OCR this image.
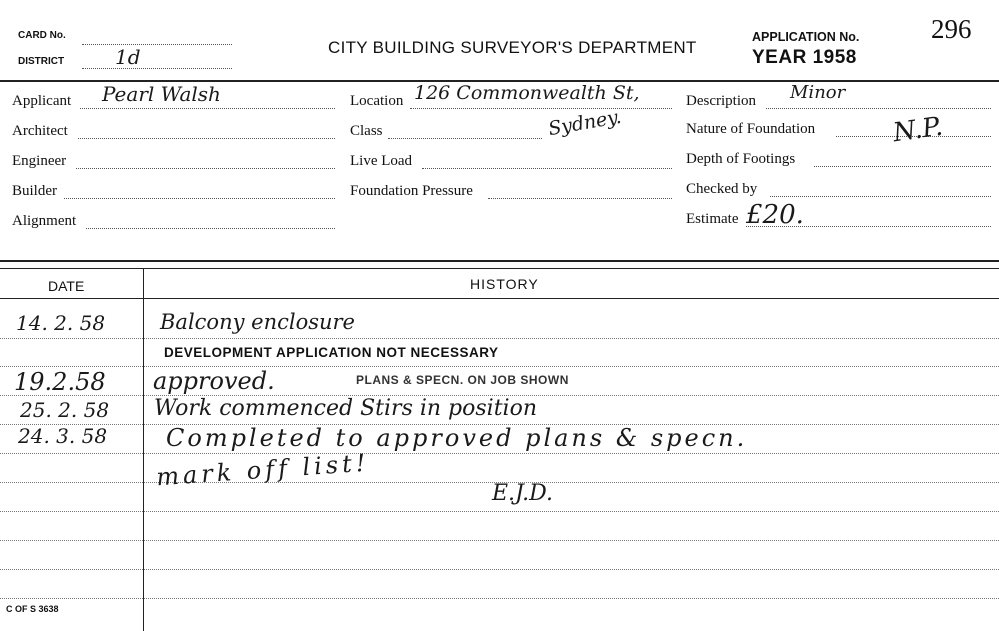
CARD No.
DISTRICT	1d	CITY BUILDING SURVEYOR'S DEPARTMENT
APPLICATION No.	296
YEAR 1958
Applicant Pearl Walsh
Architect
Engineer
Builder
Alignment
Location 126 Commonwealth St,
Sydney.
Class
Live Load
Foundation Pressure
Description Minor
Nature of Foundation	N.P.
Depth of Footings
Checked by
Estimate £20.
DATE	HISTORY
14. 2. 58	Balcony enclosure
DEVELOPMENT APPLICATION NOT NECESSARY
19.2.58 approved.	PLANS & SPECN. ON JOB SHOWN
25. 2. 58 Work commenced Stirs in position
24. 3. 58 Completed to approved plans & specn.
mark off list!
E.J.D.
C OF S 3638
